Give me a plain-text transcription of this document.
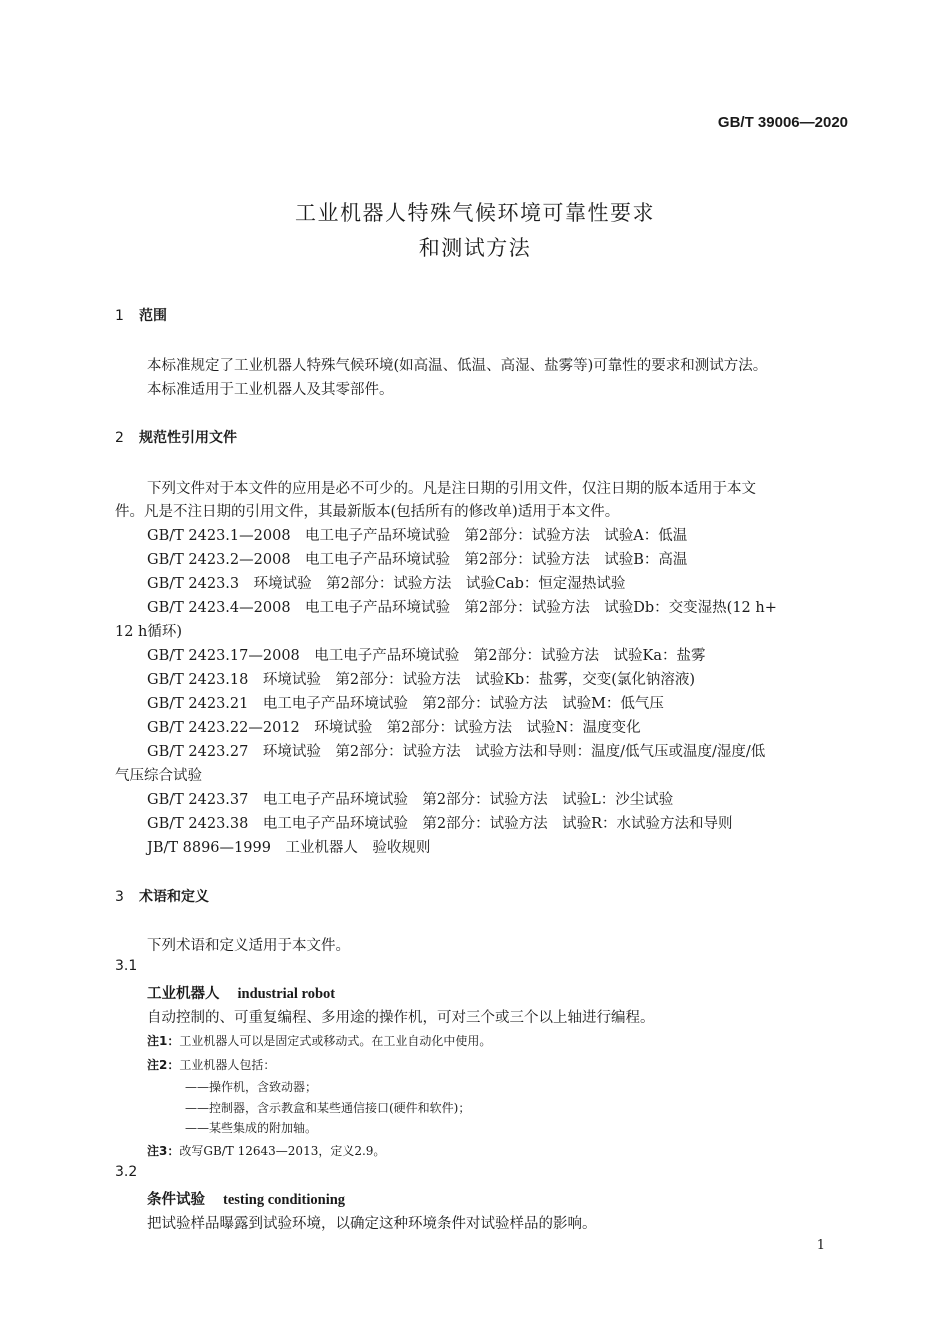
GB/T 39006—2020
工业机器人特殊气候环境可靠性要求
和测试方法
1 范围
本标准规定了工业机器人特殊气候环境(如高温、低温、高湿、盐雾等)可靠性的要求和测试方法。
本标准适用于工业机器人及其零部件。
2 规范性引用文件
下列文件对于本文件的应用是必不可少的。凡是注日期的引用文件，仅注日期的版本适用于本文
件。凡是不注日期的引用文件，其最新版本(包括所有的修改单)适用于本文件。
GB/T 2423.1—2008　电工电子产品环境试验　第2部分：试验方法　试验A：低温
GB/T 2423.2—2008　电工电子产品环境试验　第2部分：试验方法　试验B：高温
GB/T 2423.3　环境试验　第2部分：试验方法　试验Cab：恒定湿热试验
GB/T 2423.4—2008　电工电子产品环境试验　第2部分：试验方法　试验Db：交变湿热(12 h+
12 h循环)
GB/T 2423.17—2008　电工电子产品环境试验　第2部分：试验方法　试验Ka：盐雾
GB/T 2423.18　环境试验　第2部分：试验方法　试验Kb：盐雾，交变(氯化钠溶液)
GB/T 2423.21　电工电子产品环境试验　第2部分：试验方法　试验M：低气压
GB/T 2423.22—2012　环境试验　第2部分：试验方法　试验N：温度变化
GB/T 2423.27　环境试验　第2部分：试验方法　试验方法和导则：温度/低气压或温度/湿度/低
气压综合试验
GB/T 2423.37　电工电子产品环境试验　第2部分：试验方法　试验L：沙尘试验
GB/T 2423.38　电工电子产品环境试验　第2部分：试验方法　试验R：水试验方法和导则
JB/T 8896—1999　工业机器人　验收规则
3 术语和定义
下列术语和定义适用于本文件。
3.1
工业机器人 industrial robot
自动控制的、可重复编程、多用途的操作机，可对三个或三个以上轴进行编程。
注1：工业机器人可以是固定式或移动式。在工业自动化中使用。
注2：工业机器人包括：
——操作机，含致动器；
——控制器，含示教盒和某些通信接口(硬件和软件)；
——某些集成的附加轴。
注3：改写GB/T 12643—2013，定义2.9。
3.2
条件试验 testing conditioning
把试验样品曝露到试验环境，以确定这种环境条件对试验样品的影响。
1
